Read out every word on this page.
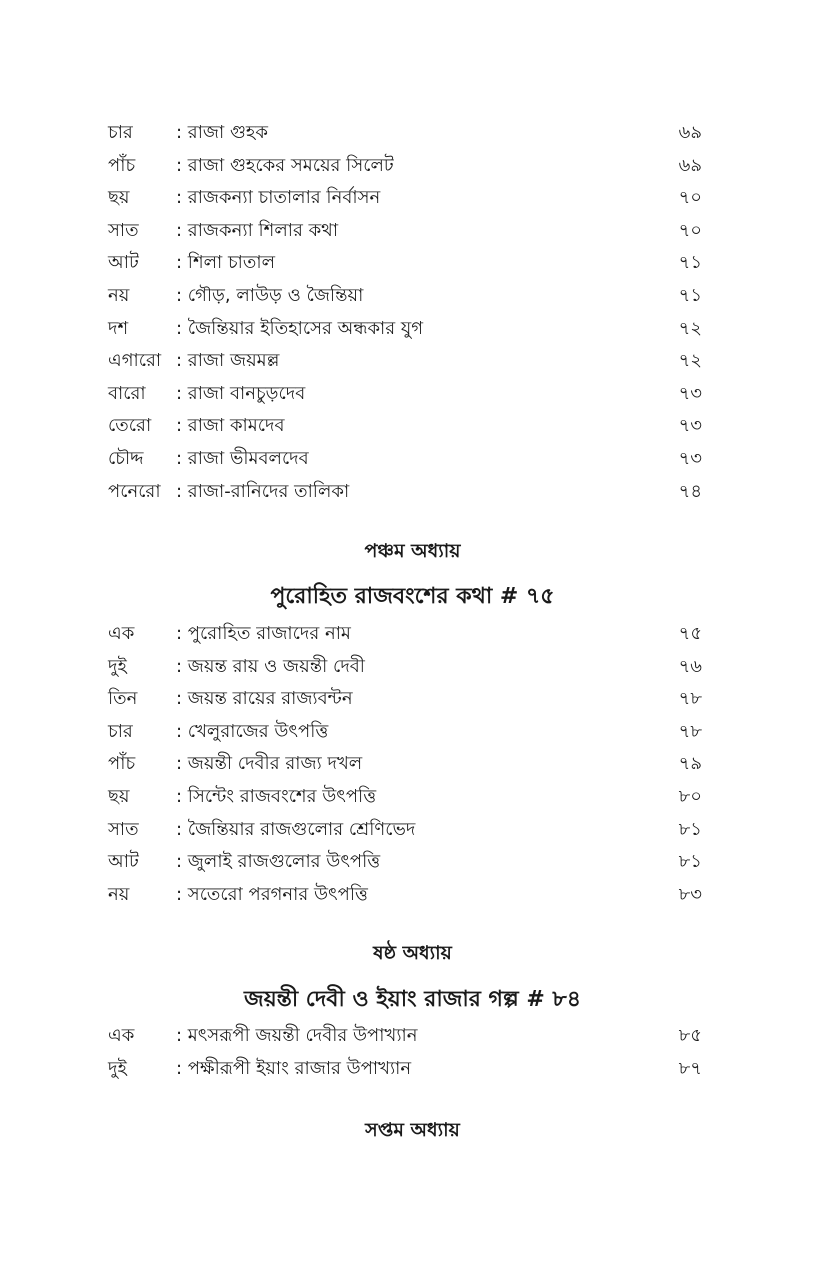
চার	: রাজা গুহক	৬৯
পাঁচ	: রাজা গুহকের সময়ের সিলেট	৬৯
ছয়	: রাজকন্যা চাতালার নির্বাসন	৭০
সাত	: রাজকন্যা শিলার কথা	৭০
আট	: শিলা চাতাল	৭১
নয়	: গৌড়, লাউড় ও জৈন্তিয়া	৭১
দশ	: জৈন্তিয়ার ইতিহাসের অন্ধকার যুগ	৭২
এগারো	: রাজা জয়মল্ল	৭২
বারো	: রাজা বানচুড়দেব	৭৩
তেরো	: রাজা কামদেব	৭৩
চৌদ্দ	: রাজা ভীমবলদেব	৭৩
পনেরো	: রাজা-রানিদের তালিকা	৭৪
পঞ্চম অধ্যায়
পুরোহিত রাজবংশের কথা # ৭৫
এক	: পুরোহিত রাজাদের নাম	৭৫
দুই	: জয়ন্ত রায় ও জয়ন্তী দেবী	৭৬
তিন	: জয়ন্ত রায়ের রাজ্যবন্টন	৭৮
চার	: খেলুরাজের উৎপত্তি	৭৮
পাঁচ	: জয়ন্তী দেবীর রাজ্য দখল	৭৯
ছয়	: সিন্টেং রাজবংশের উৎপত্তি	৮০
সাত	: জৈন্তিয়ার রাজগুলোর শ্রেণিভেদ	৮১
আট	: জুলাই রাজগুলোর উৎপত্তি	৮১
নয়	: সতেরো পরগনার উৎপত্তি	৮৩
ষষ্ঠ অধ্যায়
জয়ন্তী দেবী ও ইয়াং রাজার গল্প # ৮৪
এক	: মৎসরূপী জয়ন্তী দেবীর উপাখ্যান	৮৫
দুই	: পক্ষীরূপী ইয়াং রাজার উপাখ্যান	৮৭
সপ্তম অধ্যায়
